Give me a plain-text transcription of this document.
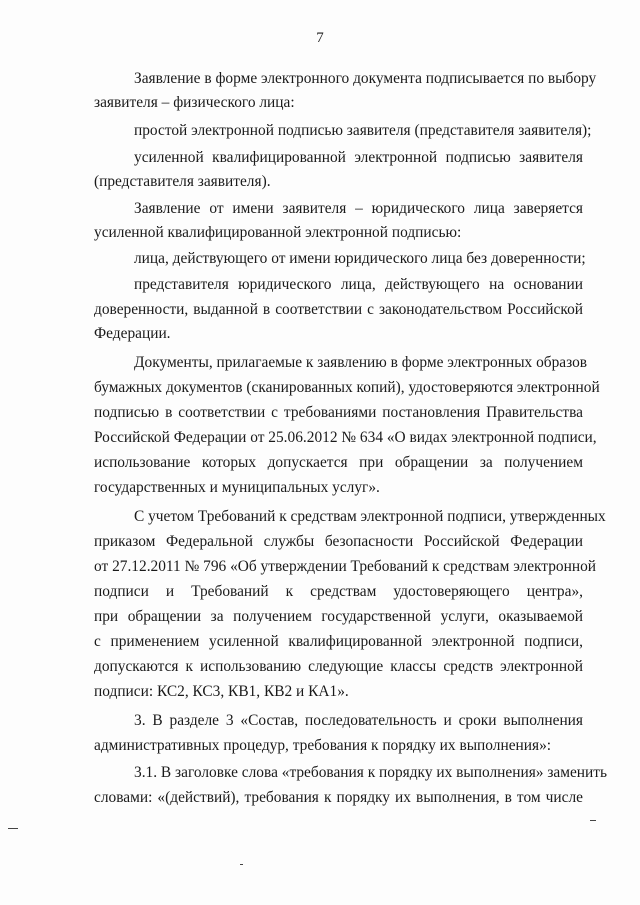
7
Заявление в форме электронного документа подписывается по выбору
заявителя – физического лица:
простой электронной подписью заявителя (представителя заявителя);
усиленной квалифицированной электронной подписью заявителя
(представителя заявителя).
Заявление от имени заявителя – юридического лица заверяется
усиленной квалифицированной электронной подписью:
лица, действующего от имени юридического лица без доверенности;
представителя юридического лица, действующего на основании
доверенности, выданной в соответствии с законодательством Российской
Федерации.
Документы, прилагаемые к заявлению в форме электронных образов
бумажных документов (сканированных копий), удостоверяются электронной
подписью в соответствии с требованиями постановления Правительства
Российской Федерации от 25.06.2012 № 634 «О видах электронной подписи,
использование которых допускается при обращении за получением
государственных и муниципальных услуг».
С учетом Требований к средствам электронной подписи, утвержденных
приказом Федеральной службы безопасности Российской Федерации
от 27.12.2011 № 796 «Об утверждении Требований к средствам электронной
подписи и Требований к средствам удостоверяющего центра»,
при обращении за получением государственной услуги, оказываемой
с применением усиленной квалифицированной электронной подписи,
допускаются к использованию следующие классы средств электронной
подписи: КС2, КС3, КВ1, КВ2 и КА1».
3. В разделе 3 «Состав, последовательность и сроки выполнения
административных процедур, требования к порядку их выполнения»:
3.1. В заголовке слова «требования к порядку их выполнения» заменить
словами: «(действий), требования к порядку их выполнения, в том числе
